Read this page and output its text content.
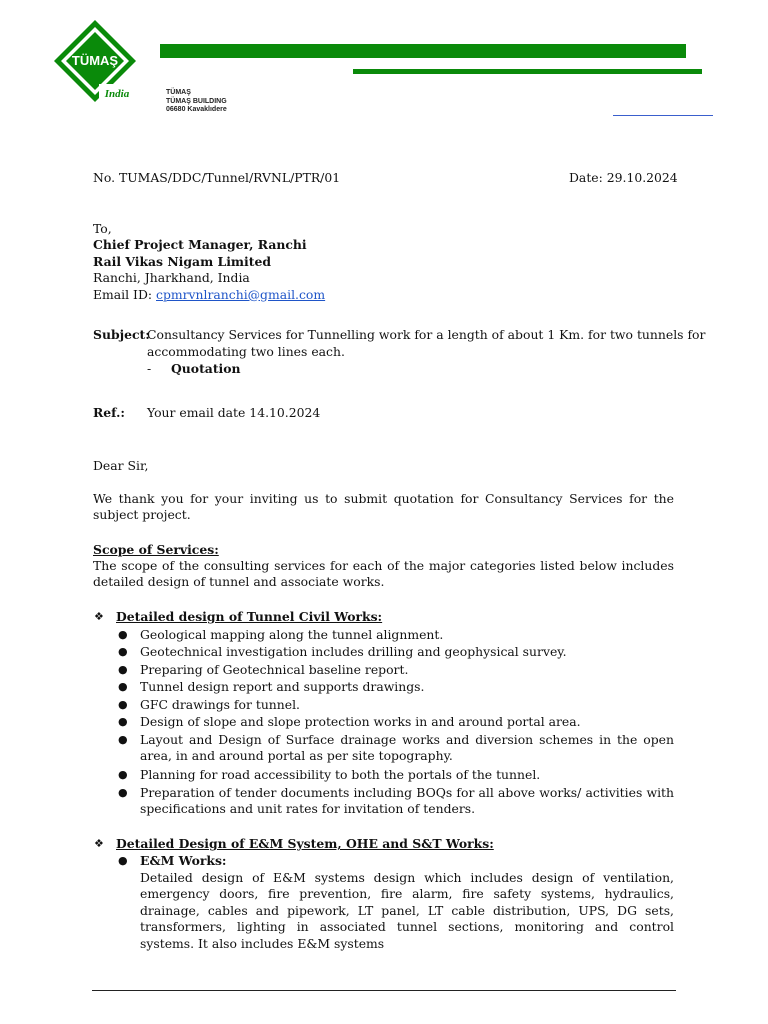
TÜMAŞ
India	TÜMAŞ
TÜMAŞ BUILDING
06680 Kavaklıdere
No. TUMAS/DDC/Tunnel/RVNL/PTR/01	Date: 29.10.2024
To,
Chief Project Manager, Ranchi
Rail Vikas Nigam Limited
Ranchi, Jharkhand, India
Email ID: cpmrvnlranchi@gmail.com
Subject:
Consultancy Services for Tunnelling work for a length of about 1 Km. for two tunnels for
accommodating two lines each.
- Quotation
Ref.: Your email date 14.10.2024
Dear Sir,
We thank you for your inviting us to submit quotation for Consultancy Services for the subject project.
Scope of Services:
The scope of the consulting services for each of the major categories listed below includes detailed design of tunnel and associate works.
❖ Detailed design of Tunnel Civil Works:
● Geological mapping along the tunnel alignment.
● Geotechnical investigation includes drilling and geophysical survey.
● Preparing of Geotechnical baseline report.
● Tunnel design report and supports drawings.
● GFC drawings for tunnel.
● Design of slope and slope protection works in and around portal area.
● Layout and Design of Surface drainage works and diversion schemes in the open area, in and around portal as per site topography.
● Planning for road accessibility to both the portals of the tunnel.
● Preparation of tender documents including BOQs for all above works/ activities with specifications and unit rates for invitation of tenders.
❖ Detailed Design of E&M System, OHE and S&T Works:
● E&M Works:
Detailed design of E&M systems design which includes design of ventilation, emergency doors, fire prevention, fire alarm, fire safety systems, hydraulics, drainage, cables and pipework, LT panel, LT cable distribution, UPS, DG sets, transformers, lighting in associated tunnel sections, monitoring and control systems. It also includes E&M systems
